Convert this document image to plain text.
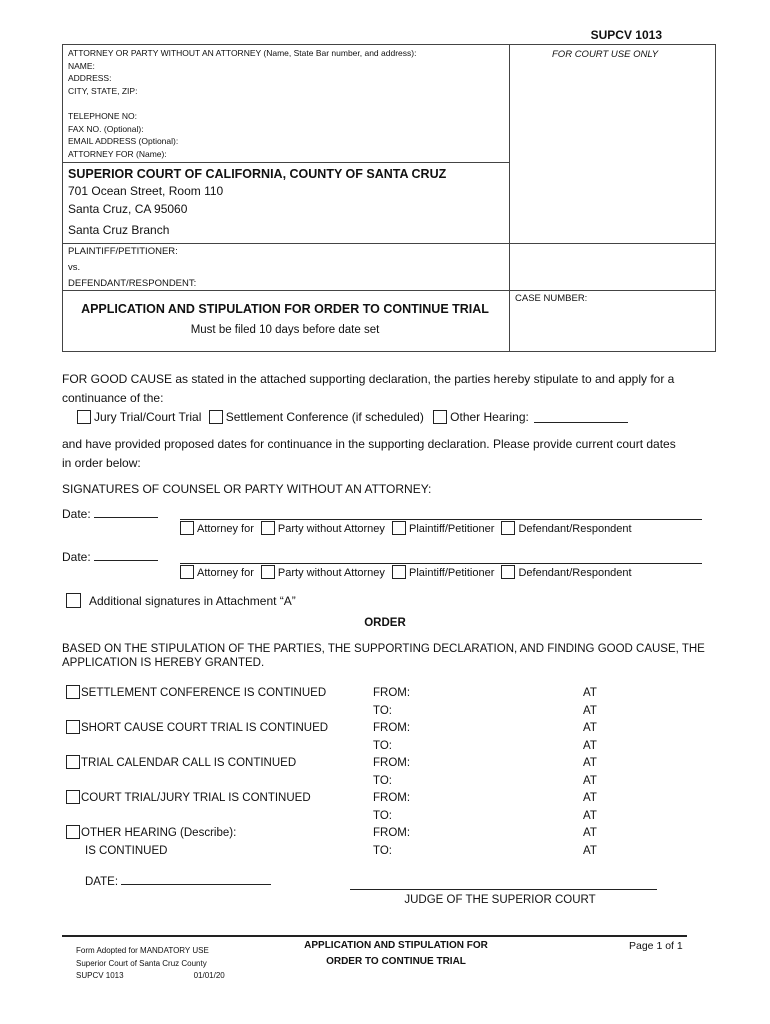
SUPCV 1013
ATTORNEY OR PARTY WITHOUT AN ATTORNEY (Name, State Bar number, and address):
NAME:
ADDRESS:
CITY, STATE, ZIP:
TELEPHONE NO:
FAX NO. (Optional):
EMAIL ADDRESS (Optional):
ATTORNEY FOR (Name):
FOR COURT USE ONLY
SUPERIOR COURT OF CALIFORNIA, COUNTY OF SANTA CRUZ
701 Ocean Street, Room 110
Santa Cruz, CA 95060
Santa Cruz Branch
PLAINTIFF/PETITIONER:
vs.
DEFENDANT/RESPONDENT:
APPLICATION AND STIPULATION FOR ORDER TO CONTINUE TRIAL
Must be filed 10 days before date set
CASE NUMBER:
FOR GOOD CAUSE as stated in the attached supporting declaration, the parties hereby stipulate to and apply for a
continuance of the:
Jury Trial/Court Trial Settlement Conference (if scheduled) Other Hearing:
and have provided proposed dates for continuance in the supporting declaration. Please provide current court dates
in order below:
SIGNATURES OF COUNSEL OR PARTY WITHOUT AN ATTORNEY:
Date:
Attorney for Party without Attorney Plaintiff/Petitioner Defendant/Respondent
Date:
Attorney for Party without Attorney Plaintiff/Petitioner Defendant/Respondent
Additional signatures in Attachment “A”
ORDER
BASED ON THE STIPULATION OF THE PARTIES, THE SUPPORTING DECLARATION, AND FINDING GOOD CAUSE, THE
APPLICATION IS HEREBY GRANTED.
SETTLEMENT CONFERENCE IS CONTINUED
SHORT CAUSE COURT TRIAL IS CONTINUED
TRIAL CALENDAR CALL IS CONTINUED
COURT TRIAL/JURY TRIAL IS CONTINUED
OTHER HEARING (Describe):
IS CONTINUED
FROM:
TO:
FROM:
TO:
FROM:
TO:
FROM:
TO:
FROM:
TO:
AT
AT
AT
AT
AT
AT
AT
AT
AT
AT
DATE:
JUDGE OF THE SUPERIOR COURT
Form Adopted for MANDATORY USE
Superior Court of Santa Cruz County
SUPCV 1013	01/01/20
APPLICATION AND STIPULATION FOR
ORDER TO CONTINUE TRIAL
Page 1 of 1
